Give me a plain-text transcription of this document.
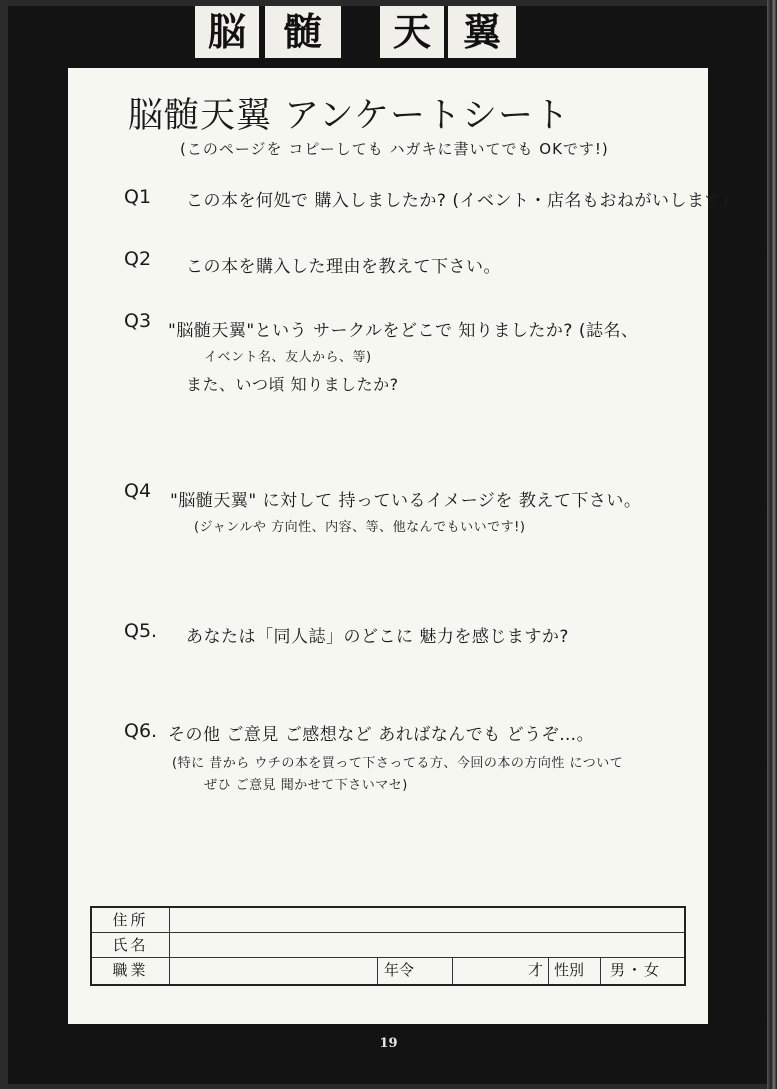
脳 髄	天 翼
脳髄天翼 アンケートシート
(このページを コピーしても ハガキに書いてでも OKです!)
Q1 この本を何処で 購入しましたか? (イベント・店名もおねがいします)
Q2 この本を購入した理由を教えて下さい。
Q3 "脳髄天翼"という サークルをどこで 知りましたか? (誌名、
イベント名、友人から、等)
また、いつ頃 知りましたか?
Q4 "脳髄天翼" に対して 持っているイメージを 教えて下さい。
(ジャンルや 方向性、内容、等、他なんでもいいです!)
Q5. あなたは「同人誌」のどこに 魅力を感じますか?
Q6. その他 ご意見 ご感想など あればなんでも どうぞ…。
(特に 昔から ウチの本を買って下さってる方、今回の本の方向性 について
ぜひ ご意見 聞かせて下さいマセ)
住所
氏名
職業	年令	才 性別 男・女
19
